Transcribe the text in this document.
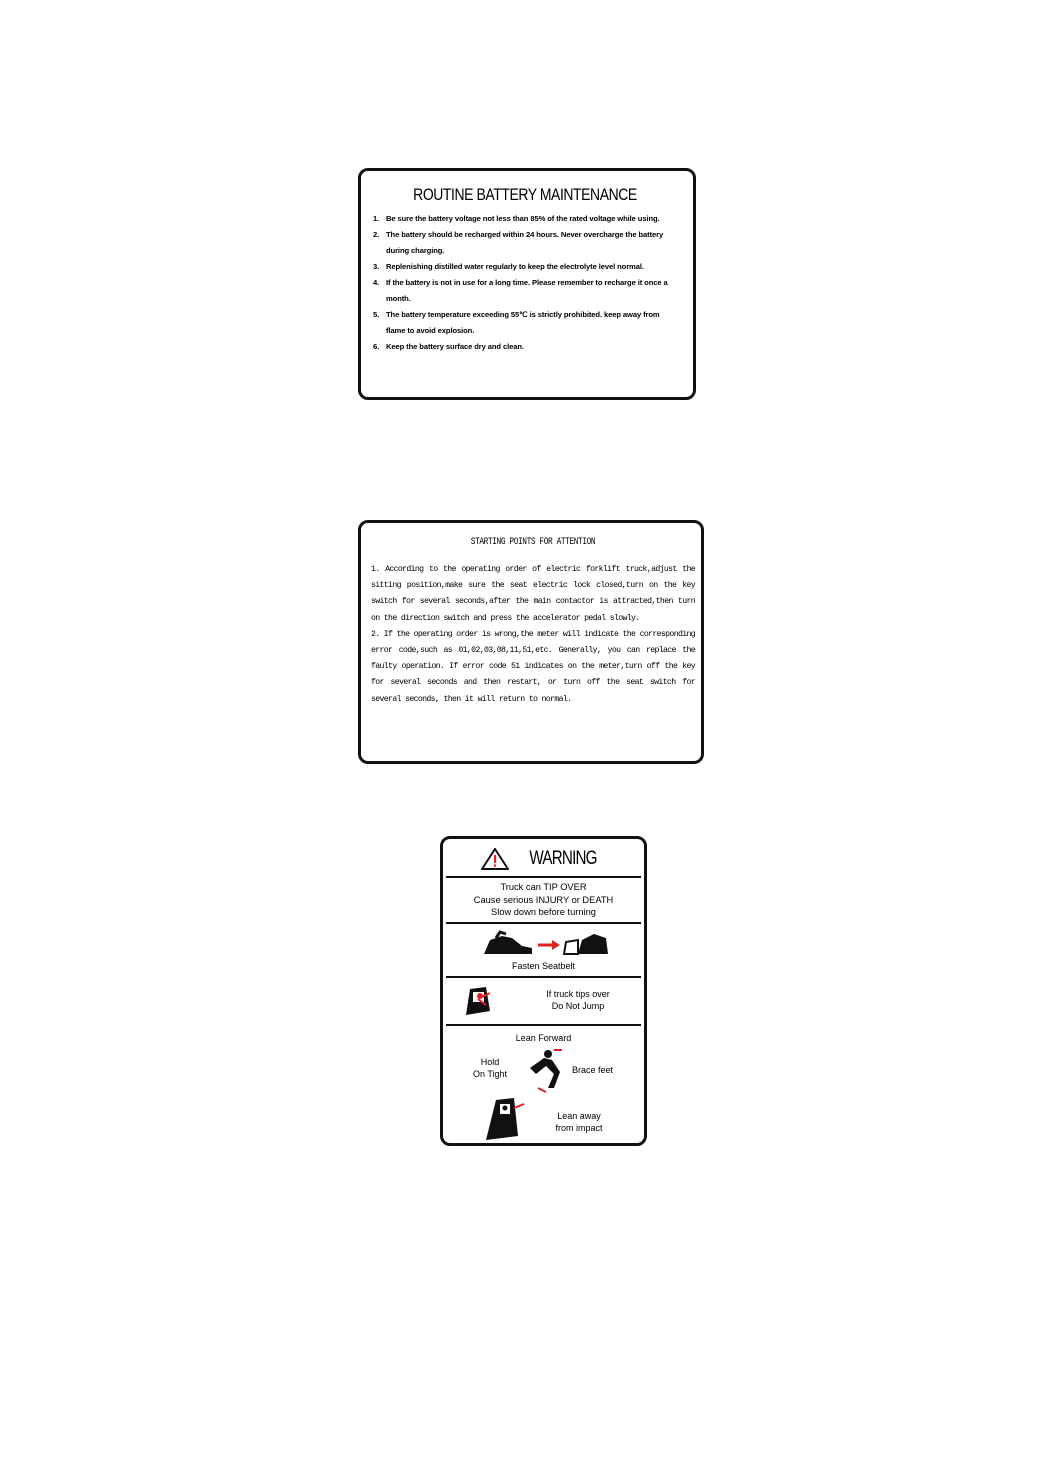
ROUTINE BATTERY MAINTENANCE
1. Be sure the battery voltage not less than 85% of the rated voltage while using.
2. The battery should be recharged within 24 hours. Never overcharge the battery during charging.
3. Replenishing distilled water regularly to keep the electrolyte level normal.
4. If the battery is not in use for a long time. Please remember to recharge it once a month.
5. The battery temperature exceeding 55℃ is strictly prohibited. keep away from flame to avoid explosion.
6. Keep the battery surface dry and clean.
STARTING POINTS FOR ATTENTION

1. According to the operating order of electric forklift truck,adjust the sitting position,make sure the seat electric lock closed,turn on the key switch for several seconds,after the main contactor is attracted,then turn on the direction switch and press the accelerator pedal slowly.

2. If the operating order is wrong,the meter will indicate the corresponding error code,such as 01,02,03,08,11,51,etc. Generally, you can replace the faulty operation. If error code 51 indicates on the meter,turn off the key for several seconds and then restart, or turn off the seat switch for several seconds, then it will return to normal.

WARNING
Truck can TIP OVER
Cause serious INJURY or DEATH
Slow down before turning
Fasten Seatbelt
If truck tips over
Do Not Jump
Lean Forward
Hold
On Tight	Brace feet
Lean away
from impact
